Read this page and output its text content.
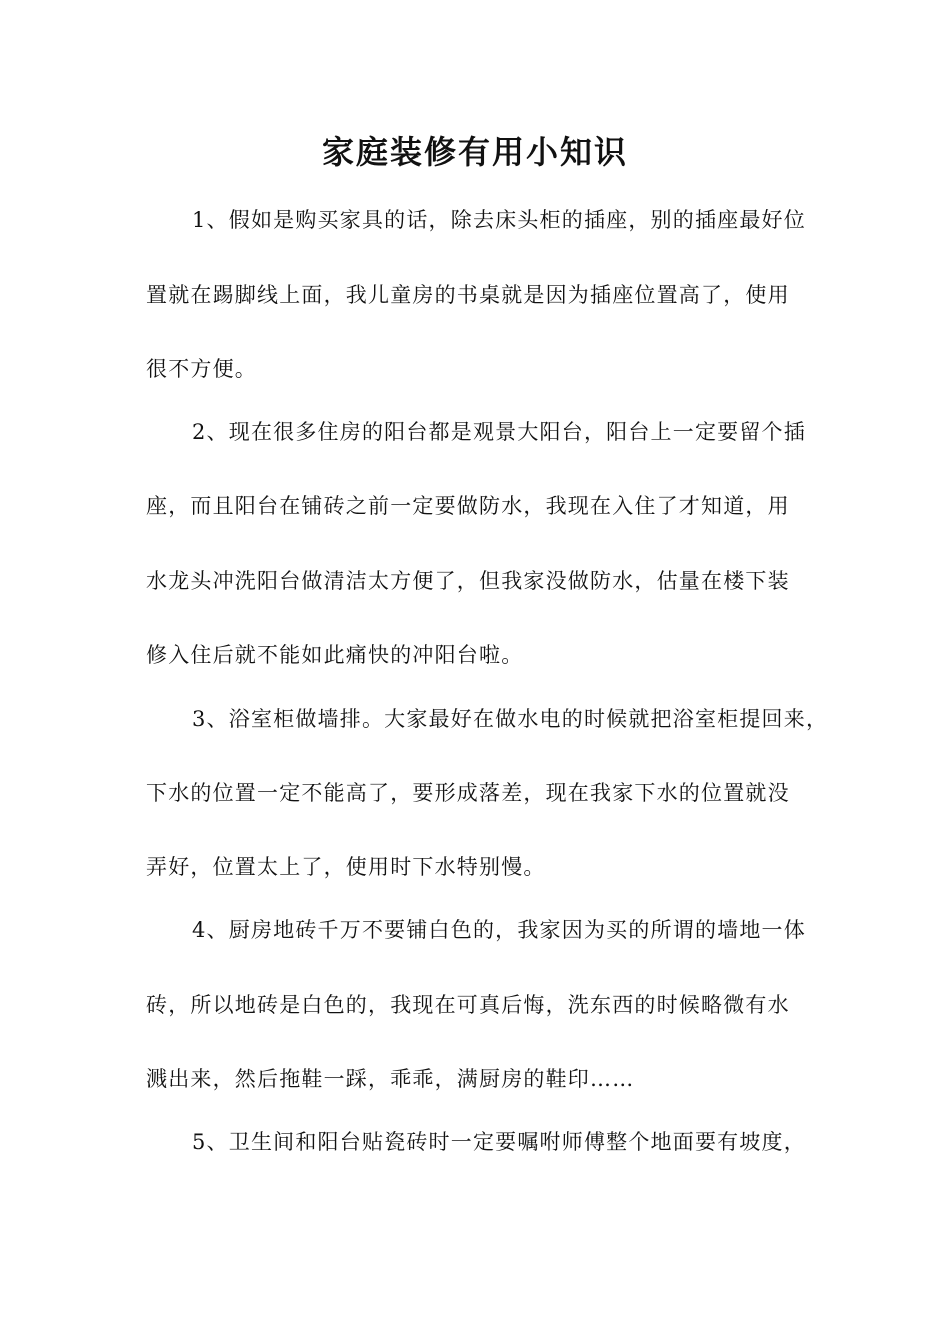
家庭装修有用小知识

1、假如是购买家具的话，除去床头柜的插座，别的插座最好位

置就在踢脚线上面，我儿童房的书桌就是因为插座位置高了，使用

很不方便。

2、现在很多住房的阳台都是观景大阳台，阳台上一定要留个插

座，而且阳台在铺砖之前一定要做防水，我现在入住了才知道，用

水龙头冲洗阳台做清洁太方便了，但我家没做防水，估量在楼下装

修入住后就不能如此痛快的冲阳台啦。

3、浴室柜做墙排。大家最好在做水电的时候就把浴室柜提回来，

下水的位置一定不能高了，要形成落差，现在我家下水的位置就没

弄好，位置太上了，使用时下水特别慢。

4、厨房地砖千万不要铺白色的，我家因为买的所谓的墙地一体

砖，所以地砖是白色的，我现在可真后悔，洗东西的时候略微有水

溅出来，然后拖鞋一踩，乖乖，满厨房的鞋印……

5、卫生间和阳台贴瓷砖时一定要嘱咐师傅整个地面要有坡度，
